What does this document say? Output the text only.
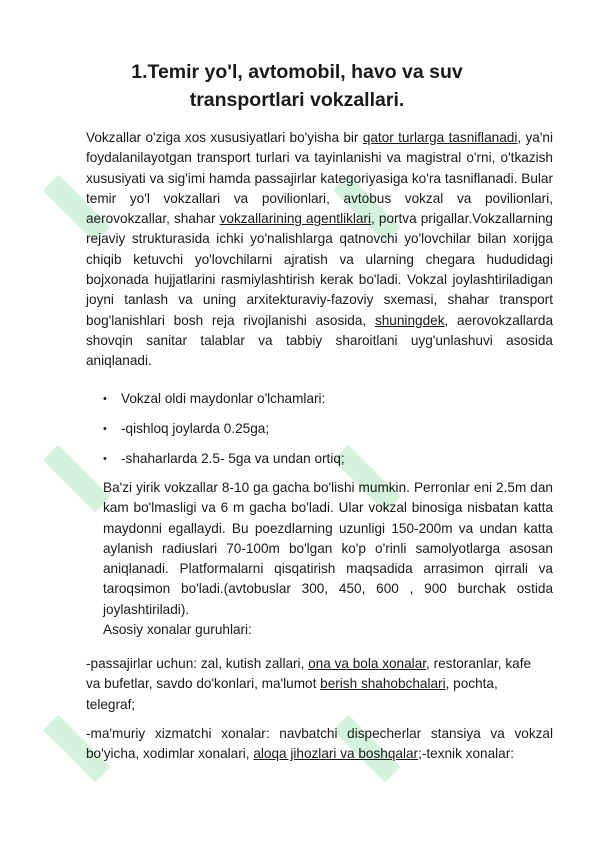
1.Temir yo'l, avtomobil, havo va suv
transportlari vokzallari.

Vokzallar o'ziga xos xususiyatlari bo'yisha bir qator turlarga tasniflanadi, ya'ni foydalanilayotgan transport turlari va tayinlanishi va magistral o'rni, o'tkazish xususiyati va sig'imi hamda passajirlar kategoriyasiga ko'ra tasniflanadi. Bular temir yo'l vokzallari va povilionlari, avtobus vokzal va povilionlari, aerovokzallar, shahar vokzallarining agentliklari, portva prigallar.Vokzallarning rejaviy strukturasida ichki yo'nalishlarga qatnovchi yo'lovchilar bilan xorijga chiqib ketuvchi yo'lovchilarni ajratish va ularning chegara hududidagi bojxonada hujjatlarini rasmiylashtirish kerak bo'ladi. Vokzal joylashtiriladigan joyni tanlash va uning arxitekturaviy-fazoviy sxemasi, shahar transport bog'lanishlari bosh reja rivojlanishi asosida, shuningdek, aerovokzallarda shovqin sanitar talablar va tabbiy sharoitlani uyg'unlashuvi asosida aniqlanadi.

• Vokzal oldi maydonlar o'lchamlari:
• -qishloq joylarda 0.25ga;
• -shaharlarda 2.5- 5ga va undan ortiq;

Ba'zi yirik vokzallar 8-10 ga gacha bo'lishi mumkin. Perronlar eni 2.5m dan kam bo'lmasligi va 6 m gacha bo'ladi. Ular vokzal binosiga nisbatan katta maydonni egallaydi. Bu poezdlarning uzunligi 150-200m va undan katta aylanish radiuslari 70-100m bo'lgan ko'p o'rinli samolyotlarga asosan aniqlanadi. Platformalarni qisqatirish maqsadida arrasimon qirrali va taroqsimon bo'ladi.(avtobuslar 300, 450, 600 , 900 burchak ostida joylashtiriladi).
Asosiy xonalar guruhlari:

-passajirlar uchun: zal, kutish zallari, ona va bola xonalar, restoranlar, kafe va bufetlar, savdo do'konlari, ma'lumot berish shahobchalari, pochta, telegraf;

-ma'muriy xizmatchi xonalar: navbatchi dispecherlar stansiya va vokzal bo'yicha, xodimlar xonalari, aloqa jihozlari va boshqalar;-texnik xonalar:
